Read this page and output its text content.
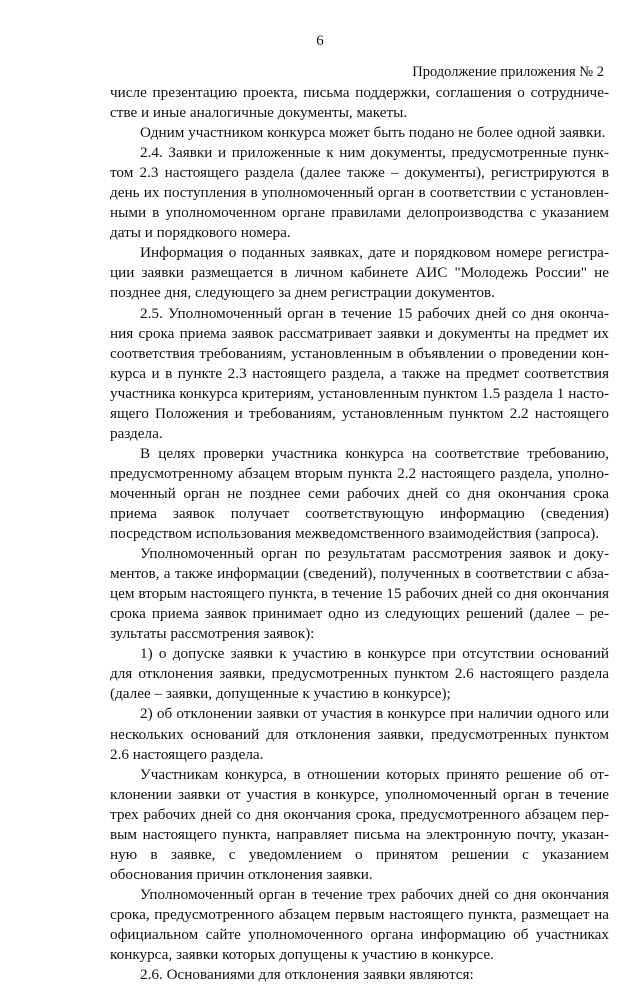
6
Продолжение приложения № 2

числе презентацию проекта, письма поддержки, соглашения о сотрудничестве и иные аналогичные документы, макеты.

Одним участником конкурса может быть подано не более одной заявки.

2.4. Заявки и приложенные к ним документы, предусмотренные пунктом 2.3 настоящего раздела (далее также – документы), регистрируются в день их поступления в уполномоченный орган в соответствии с установленными в уполномоченном органе правилами делопроизводства с указанием даты и порядкового номера.

Информация о поданных заявках, дате и порядковом номере регистрации заявки размещается в личном кабинете АИС "Молодежь России" не позднее дня, следующего за днем регистрации документов.

2.5. Уполномоченный орган в течение 15 рабочих дней со дня окончания срока приема заявок рассматривает заявки и документы на предмет их соответствия требованиям, установленным в объявлении о проведении конкурса и в пункте 2.3 настоящего раздела, а также на предмет соответствия участника конкурса критериям, установленным пунктом 1.5 раздела 1 настоящего Положения и требованиям, установленным пунктом 2.2 настоящего раздела.

В целях проверки участника конкурса на соответствие требованию, предусмотренному абзацем вторым пункта 2.2 настоящего раздела, уполномоченный орган не позднее семи рабочих дней со дня окончания срока приема заявок получает соответствующую информацию (сведения) посредством использования межведомственного взаимодействия (запроса).

Уполномоченный орган по результатам рассмотрения заявок и документов, а также информации (сведений), полученных в соответствии с абзацем вторым настоящего пункта, в течение 15 рабочих дней со дня окончания срока приема заявок принимает одно из следующих решений (далее – результаты рассмотрения заявок):

1) о допуске заявки к участию в конкурсе при отсутствии оснований для отклонения заявки, предусмотренных пунктом 2.6 настоящего раздела (далее – заявки, допущенные к участию в конкурсе);

2) об отклонении заявки от участия в конкурсе при наличии одного или нескольких оснований для отклонения заявки, предусмотренных пунктом 2.6 настоящего раздела.

Участникам конкурса, в отношении которых принято решение об отклонении заявки от участия в конкурсе, уполномоченный орган в течение трех рабочих дней со дня окончания срока, предусмотренного абзацем первым настоящего пункта, направляет письма на электронную почту, указанную в заявке, с уведомлением о принятом решении с указанием обоснования причин отклонения заявки.

Уполномоченный орган в течение трех рабочих дней со дня окончания срока, предусмотренного абзацем первым настоящего пункта, размещает на официальном сайте уполномоченного органа информацию об участниках конкурса, заявки которых допущены к участию в конкурсе.

2.6. Основаниями для отклонения заявки являются:
